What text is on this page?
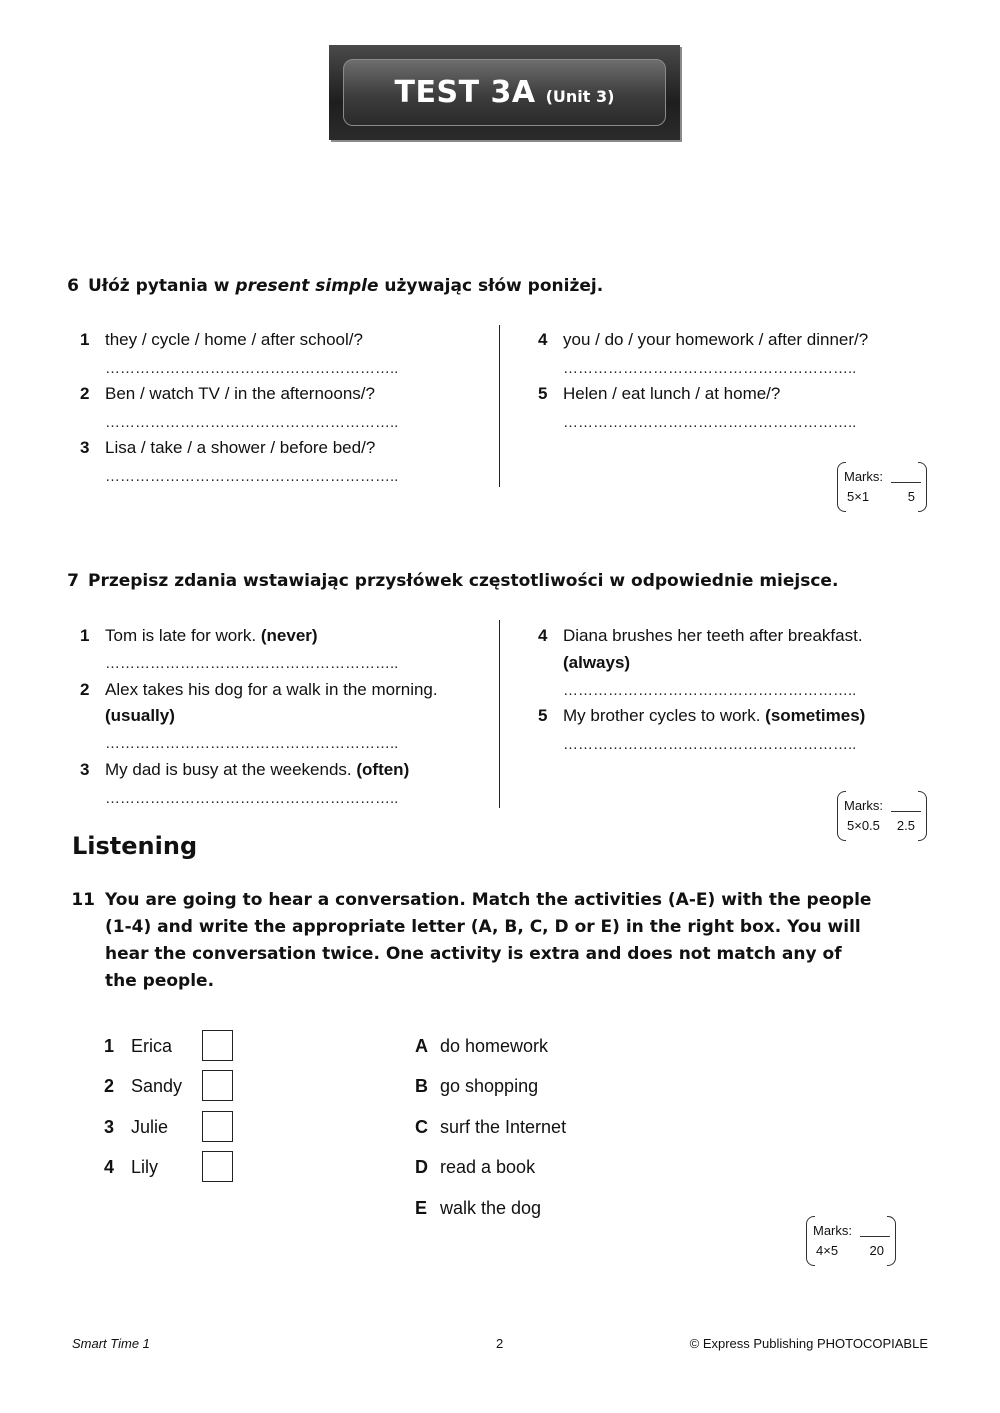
TEST 3A (Unit 3)
6 Ułóż pytania w present simple używając słów poniżej.
1 they / cycle / home / after school/?
…………………………………………………..
2 Ben / watch TV / in the afternoons/?
…………………………………………………..
3 Lisa / take / a shower / before bed/?
…………………………………………………..
4 you / do / your homework / after dinner/?
…………………………………………………..
5 Helen / eat lunch / at home/?
…………………………………………………..
Marks:
5×1	5
7 Przepisz zdania wstawiając przysłówek częstotliwości w odpowiednie miejsce.
1 Tom is late for work. (never)
…………………………………………………..
2 Alex takes his dog for a walk in the morning.
(usually)
…………………………………………………..
3 My dad is busy at the weekends. (often)
…………………………………………………..
4 Diana brushes her teeth after breakfast.
(always)
…………………………………………………..
5 My brother cycles to work. (sometimes)
…………………………………………………..
Marks:
5×0.5 2.5
Listening
11 You are going to hear a conversation. Match the activities (A-E) with the people
(1-4) and write the appropriate letter (A, B, C, D or E) in the right box. You will
hear the conversation twice. One activity is extra and does not match any of
the people.
1 Erica
2 Sandy
3 Julie
4 Lily
A do homework
B go shopping
C surf the Internet
D read a book
E walk the dog
Marks:
4×5 20
Smart Time 1	2	© Express Publishing PHOTOCOPIABLE
